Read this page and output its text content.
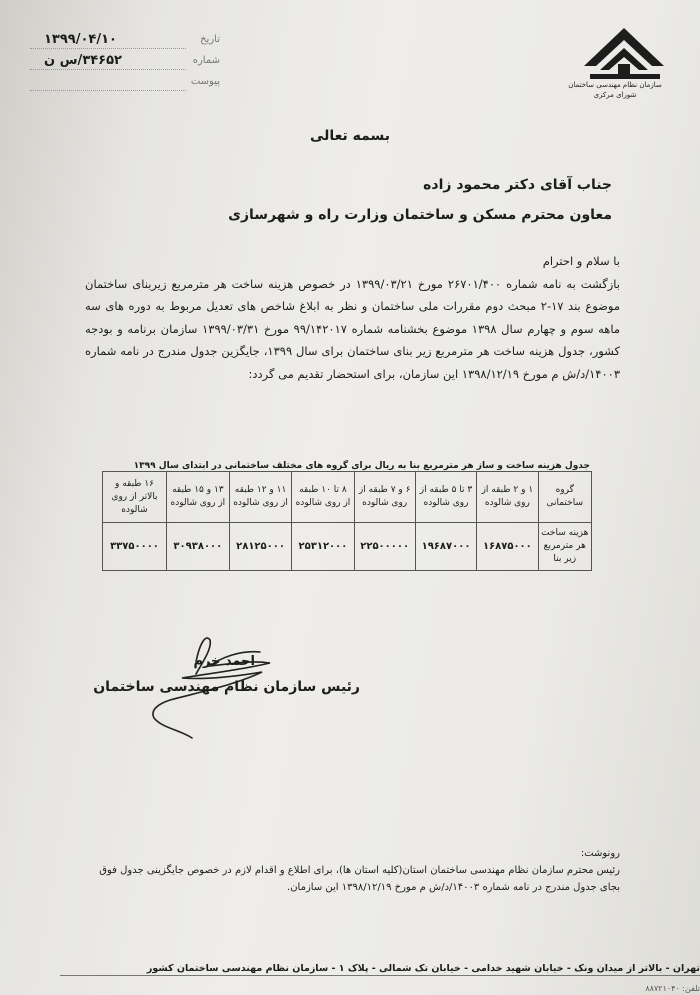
سازمان نظام مهندسی ساختمان
شورای مرکزی
تاریخ
۱۳۹۹/۰۴/۱۰
شماره
۳۴۶۵۲/س ن
پیوست
بسمه تعالی
جناب آقای دکتر محمود زاده
معاون محترم مسکن و ساختمان وزارت راه و شهرسازی

با سلام و احترام

بازگشت به نامه شماره ۲۶۷۰۱/۴۰۰ مورخ ۱۳۹۹/۰۳/۲۱ در خصوص هزینه ساخت هر مترمربع زیربنای ساختمان موضوع بند ۱۷-۲ مبحث دوم مقررات ملی ساختمان و نظر به ابلاغ شاخص های تعدیل مربوط به دوره های سه ماهه سوم و چهارم سال ۱۳۹۸ موضوع بخشنامه شماره ۹۹/۱۴۲۰۱۷ مورخ ۱۳۹۹/۰۳/۳۱ سازمان برنامه و بودجه کشور، جدول هزینه ساخت هر مترمربع زیر بنای ساختمان برای سال ۱۳۹۹، جایگزین جدول مندرج در نامه شماره ۱۴۰۰۳/د/ش م مورخ ۱۳۹۸/۱۲/۱۹ این سازمان، برای استحضار تقدیم می گردد:

جدول هزینه ساخت و ساز هر مترمربع بنا به ریال برای گروه های مختلف ساختمانی در ابتدای سال ۱۳۹۹
گروه ساختمانی	۱ و ۲ طبقه از روی شالوده	۳ تا ۵ طبقه از روی شالوده	۶ و ۷ طبقه از روی شالوده	۸ تا ۱۰ طبقه از روی شالوده	۱۱ و ۱۲ طبقه از روی شالوده	۱۳ و ۱۵ طبقه از روی شالوده	۱۶ طبقه و بالاتر از روی شالوده
هزینه ساخت هر مترمربع زیر بنا	۱۶۸۷۵۰۰۰	۱۹۶۸۷۰۰۰	۲۲۵۰۰۰۰۰	۲۵۳۱۲۰۰۰	۲۸۱۲۵۰۰۰	۳۰۹۳۸۰۰۰	۳۳۷۵۰۰۰۰
احمد خرم
رئیس سازمان نظام مهندسی ساختمان

رونوشت:

رئیس محترم سازمان نظام مهندسی ساختمان استان(کلیه استان ها)، برای اطلاع و اقدام لازم در خصوص جایگزینی جدول فوق بجای جدول مندرج در نامه شماره ۱۴۰۰۳/د/ش م مورخ ۱۳۹۸/۱۲/۱۹ این سازمان.

تهران - بالاتر از میدان ونک - خیابان شهید خدامی - خیابان تک شمالی - پلاک ۱ - سازمان نظام مهندسی ساختمان کشور
تلفن: ۸۸۷۲۱۰۴۰
